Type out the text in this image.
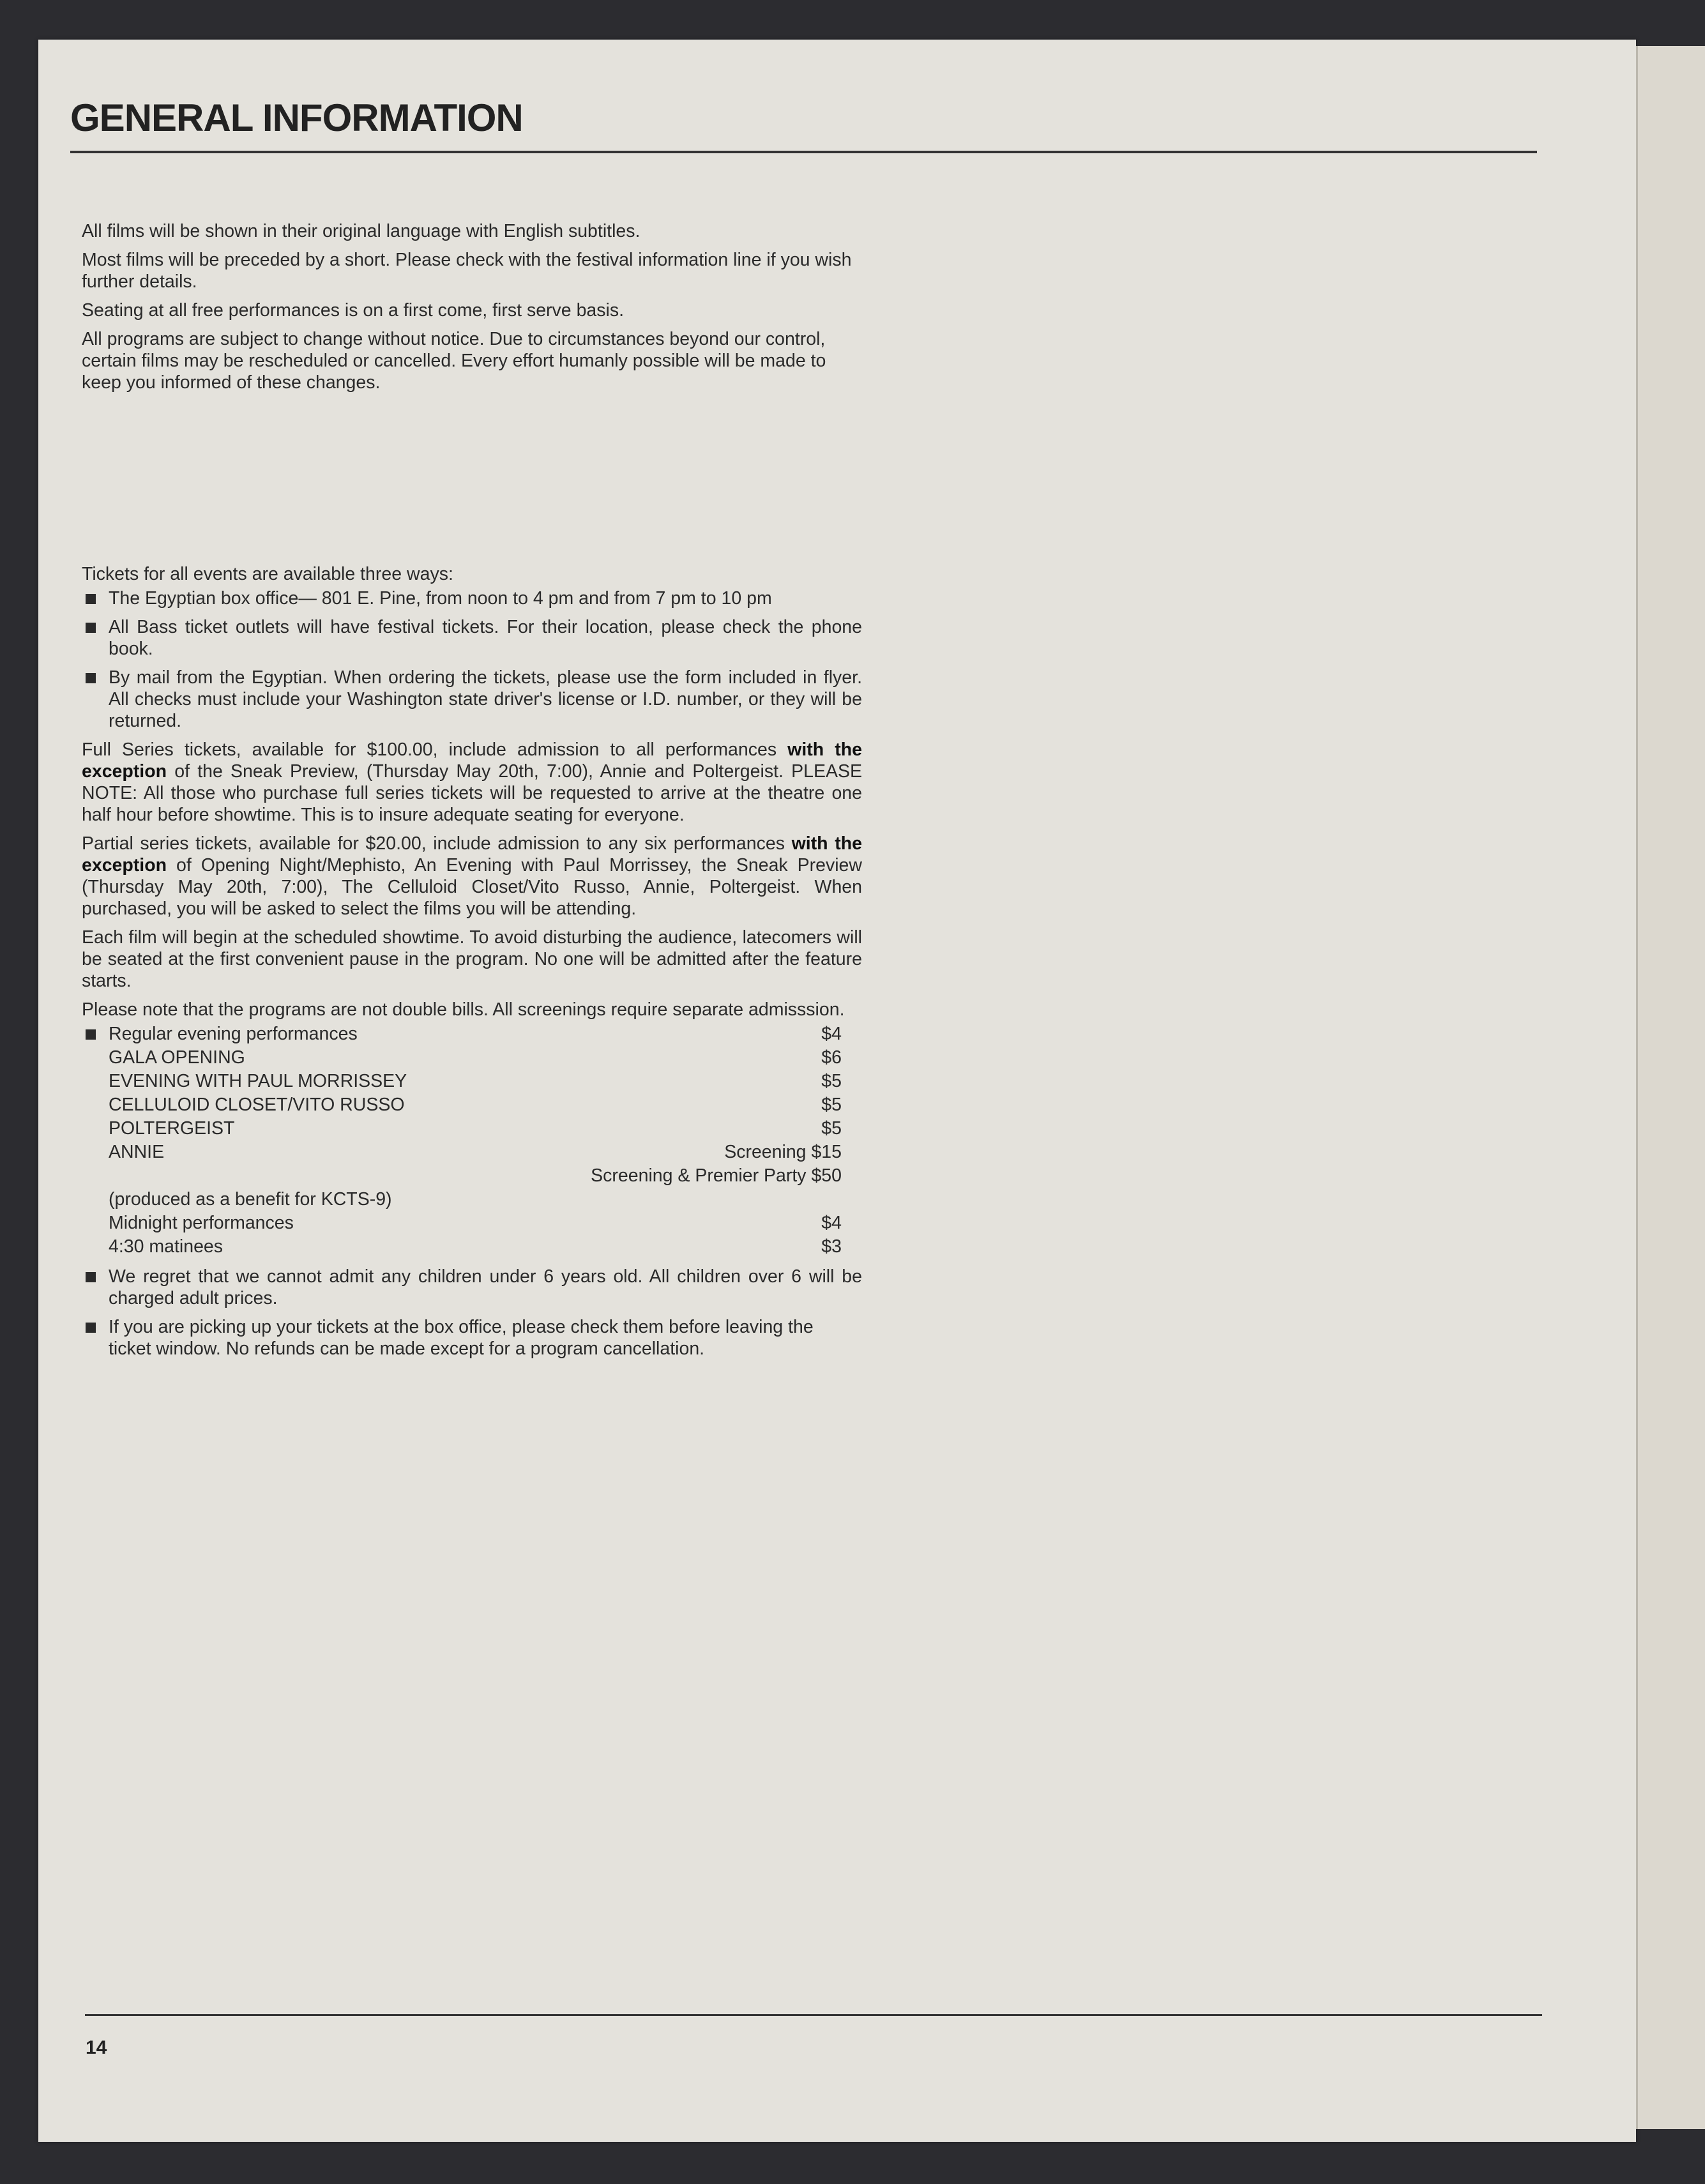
GENERAL INFORMATION

All films will be shown in their original language with English subtitles.

Most films will be preceded by a short. Please check with the festival information line if you wish further details.

Seating at all free performances is on a first come, first serve basis.

All programs are subject to change without notice. Due to circumstances beyond our control, certain films may be rescheduled or cancelled. Every effort humanly possible will be made to keep you informed of these changes.

Tickets for all events are available three ways:

The Egyptian box office— 801 E. Pine, from noon to 4 pm and from 7 pm to 10 pm

All Bass ticket outlets will have festival tickets. For their location, please check the phone book.

By mail from the Egyptian. When ordering the tickets, please use the form included in flyer. All checks must include your Washington state driver's license or I.D. number, or they will be returned.

Full Series tickets, available for $100.00, include admission to all performances with the exception of the Sneak Preview, (Thursday May 20th, 7:00), Annie and Poltergeist. PLEASE NOTE: All those who purchase full series tickets will be requested to arrive at the theatre one half hour before showtime. This is to insure adequate seating for everyone.

Partial series tickets, available for $20.00, include admission to any six performances with the exception of Opening Night/Mephisto, An Evening with Paul Morrissey, the Sneak Preview (Thursday May 20th, 7:00), The Celluloid Closet/Vito Russo, Annie, Poltergeist. When purchased, you will be asked to select the films you will be attending.

Each film will begin at the scheduled showtime. To avoid disturbing the audience, latecomers will be seated at the first convenient pause in the program. No one will be admitted after the feature starts.

Please note that the programs are not double bills. All screenings require separate admisssion.

Regular evening performances	$4
GALA OPENING	$6
EVENING WITH PAUL MORRISSEY	$5
CELLULOID CLOSET/VITO RUSSO	$5
POLTERGEIST	$5
ANNIE	Screening $15
Screening & Premier Party $50
(produced as a benefit for KCTS-9)
Midnight performances	$4
4:30 matinees	$3

We regret that we cannot admit any children under 6 years old. All children over 6 will be charged adult prices.

If you are picking up your tickets at the box office, please check them before leaving the ticket window. No refunds can be made except for a program cancellation.

14
